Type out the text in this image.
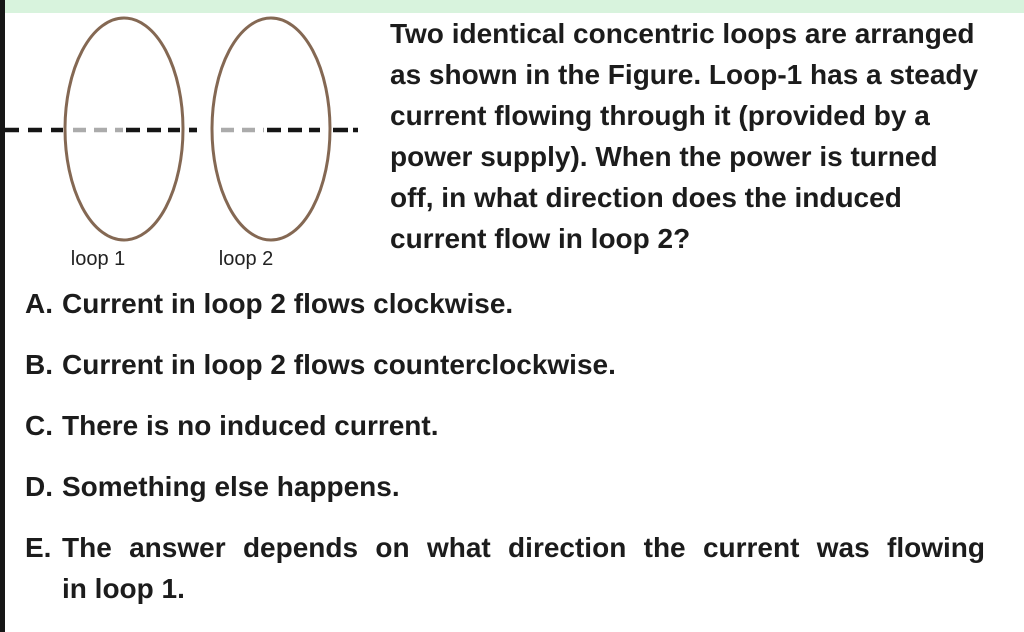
loop 1	loop 2
Two identical concentric loops are arranged
as shown in the Figure. Loop-1 has a steady
current flowing through it (provided by a
power supply). When the power is turned
off, in what direction does the induced
current flow in loop 2?
A. Current in loop 2 flows clockwise.
B. Current in loop 2 flows counterclockwise.
C. There is no induced current.
D. Something else happens.
E. The answer depends on what direction the current was flowing
in loop 1.
